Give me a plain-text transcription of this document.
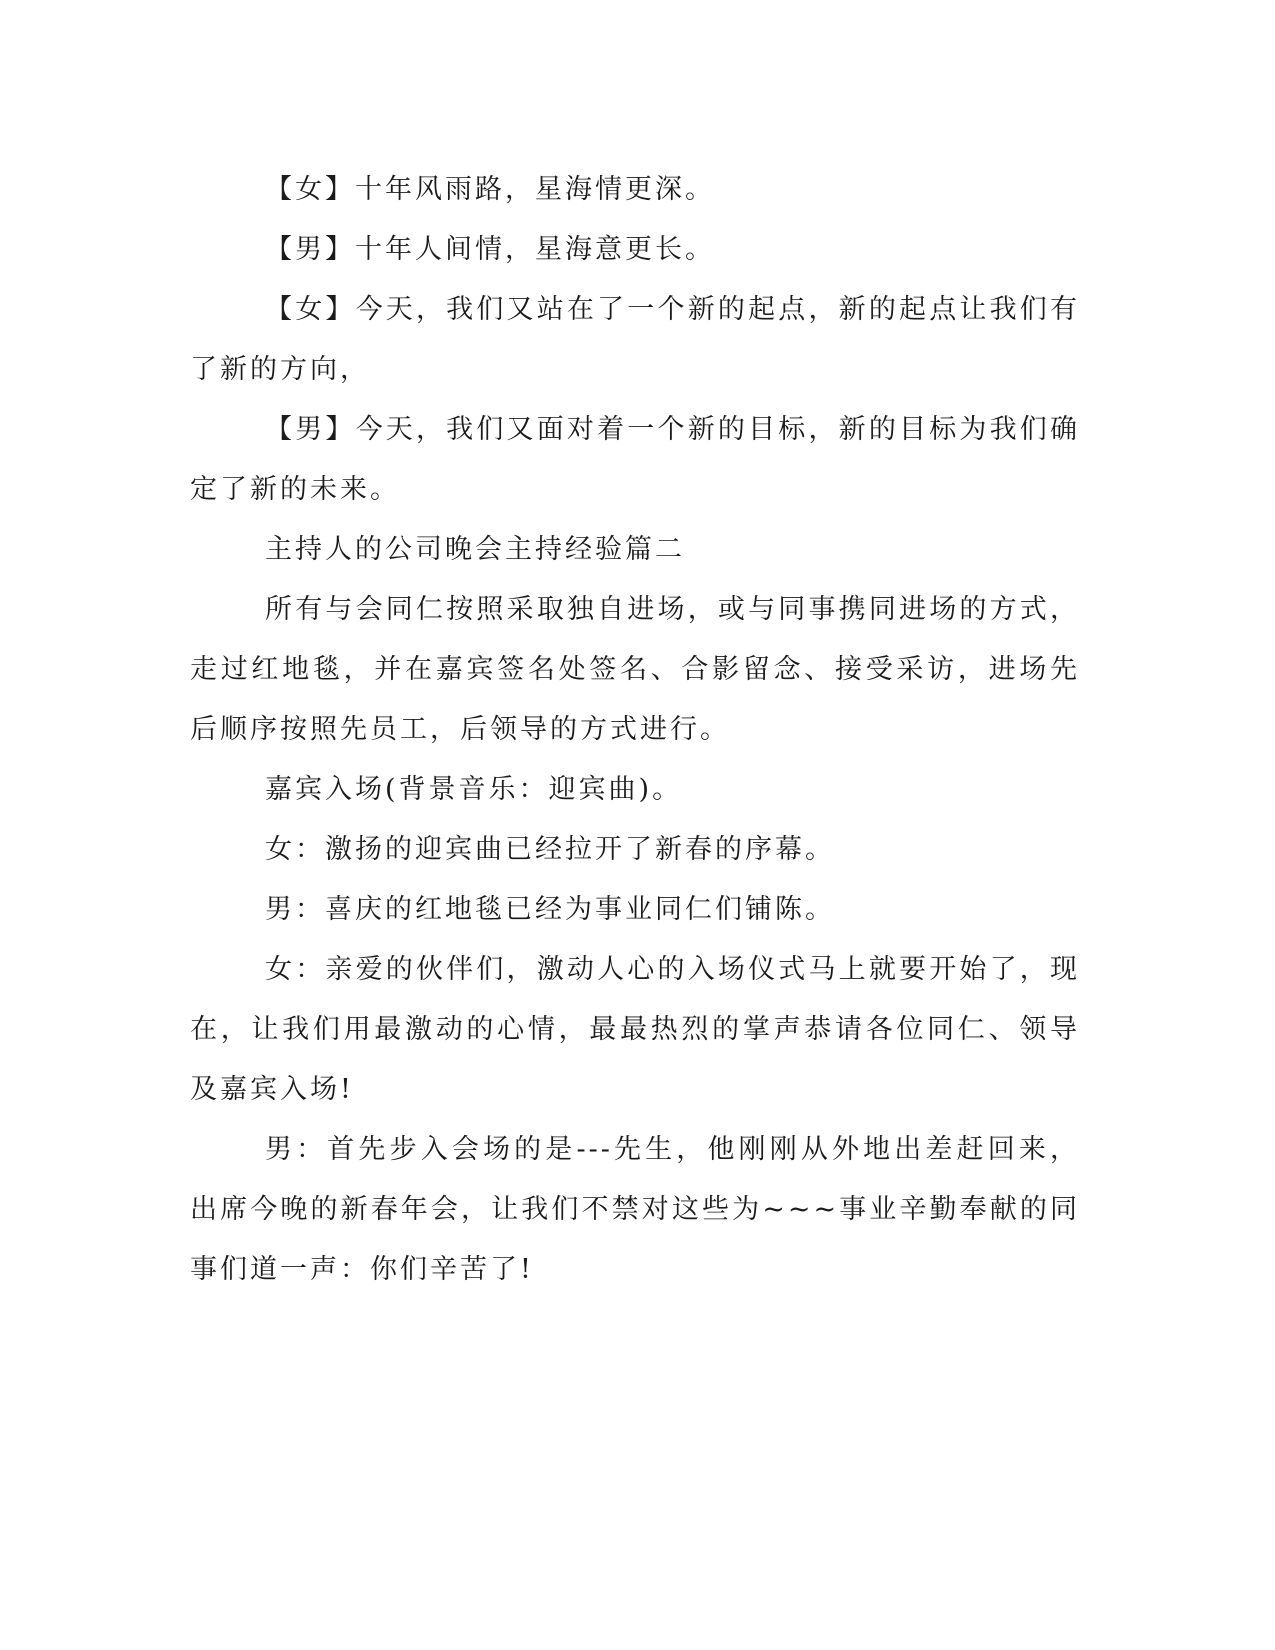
【女】十年风雨路，星海情更深。

【男】十年人间情，星海意更长。

【女】今天，我们又站在了一个新的起点，新的起点让我们有了新的方向，

【男】今天，我们又面对着一个新的目标，新的目标为我们确定了新的未来。

主持人的公司晚会主持经验篇二

所有与会同仁按照采取独自进场，或与同事携同进场的方式，走过红地毯，并在嘉宾签名处签名、合影留念、接受采访，进场先后顺序按照先员工，后领导的方式进行。

嘉宾入场(背景音乐：迎宾曲)。

女：激扬的迎宾曲已经拉开了新春的序幕。

男：喜庆的红地毯已经为事业同仁们铺陈。

女：亲爱的伙伴们，激动人心的入场仪式马上就要开始了，现在，让我们用最激动的心情，最最热烈的掌声恭请各位同仁、领导及嘉宾入场!

男：首先步入会场的是---先生，他刚刚从外地出差赶回来，出席今晚的新春年会，让我们不禁对这些为~~~事业辛勤奉献的同事们道一声：你们辛苦了!
